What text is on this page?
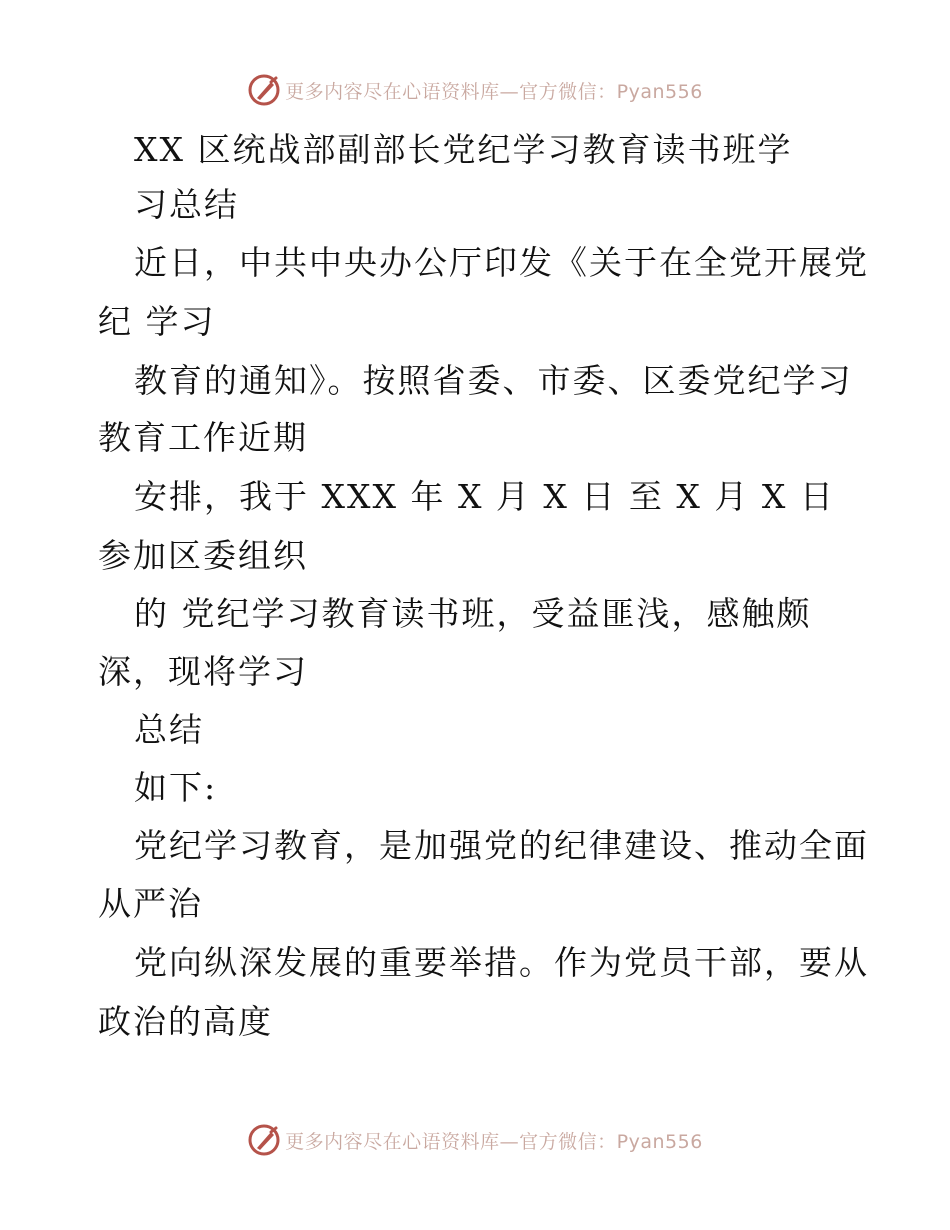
更多内容尽在心语资料库—官方微信：Pyan556
XX 区统战部副部长党纪学习教育读书班学
习总结
近日，中共中央办公厅印发《关于在全党开展党
纪 学习
教育的通知》。按照省委、市委、区委党纪学习
教育工作近期
安排，我于 XXX 年 X 月 X 日 至 X 月 X 日
参加区委组织
的 党纪学习教育读书班，受益匪浅，感触颇
深，现将学习
总结
如下:
党纪学习教育，是加强党的纪律建设、推动全面
从严治
党向纵深发展的重要举措。作为党员干部，要从
政治的高度
更多内容尽在心语资料库—官方微信：Pyan556
